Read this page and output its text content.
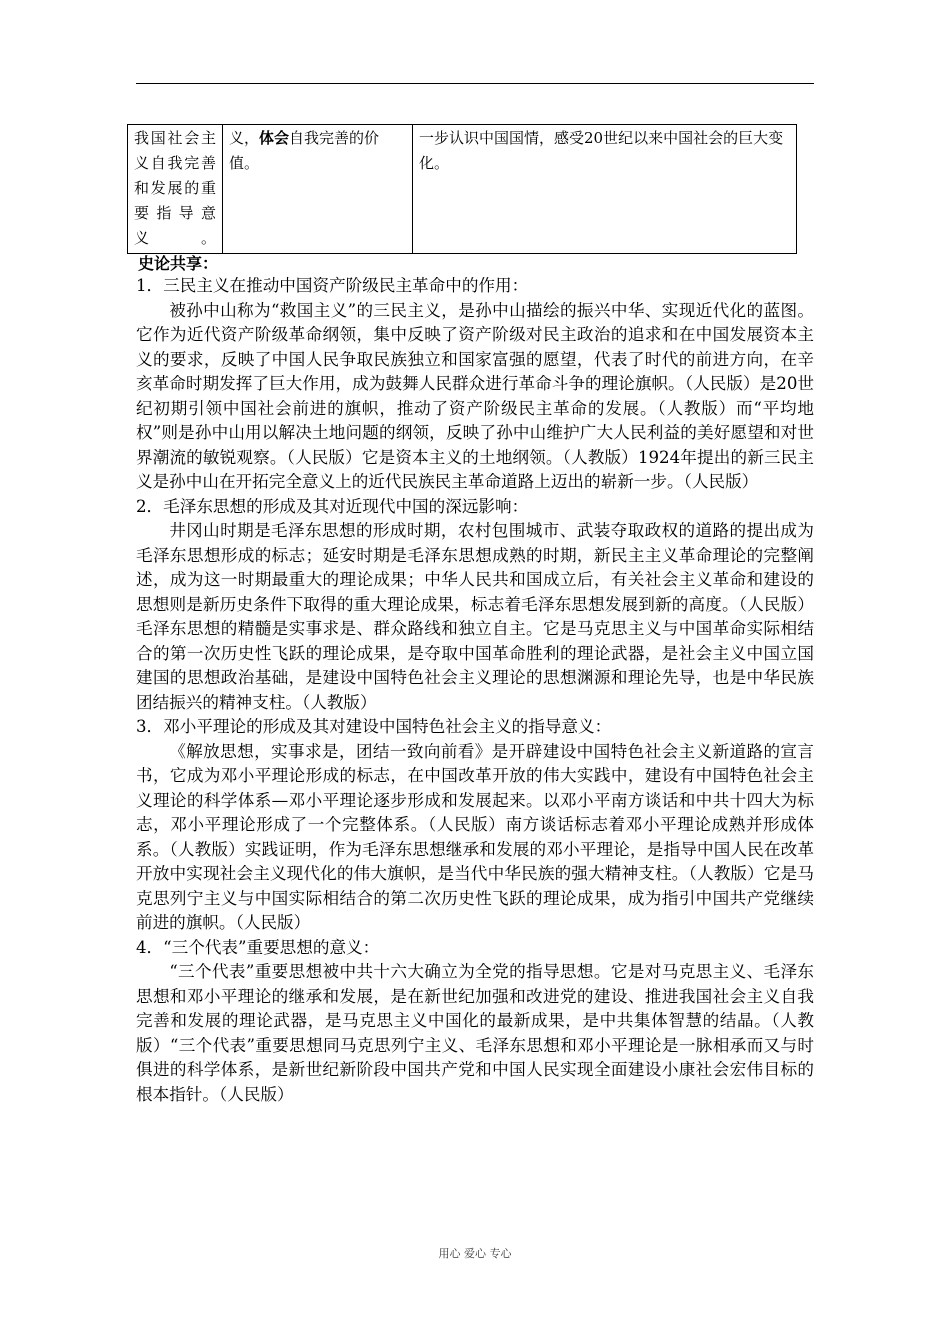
我国社会主义自我完善和发展的重要指导意义。	义，体会自我完善的价值。	一步认识中国国情，感受20世纪以来中国社会的巨大变化。
史论共享：

1．三民主义在推动中国资产阶级民主革命中的作用：

被孙中山称为“救国主义”的三民主义，是孙中山描绘的振兴中华、实现近代化的蓝图。它作为近代资产阶级革命纲领，集中反映了资产阶级对民主政治的追求和在中国发展资本主义的要求，反映了中国人民争取民族独立和国家富强的愿望，代表了时代的前进方向，在辛亥革命时期发挥了巨大作用，成为鼓舞人民群众进行革命斗争的理论旗帜。（人民版）是20世纪初期引领中国社会前进的旗帜，推动了资产阶级民主革命的发展。（人教版）而“平均地权”则是孙中山用以解决土地问题的纲领，反映了孙中山维护广大人民利益的美好愿望和对世界潮流的敏锐观察。（人民版）它是资本主义的土地纲领。（人教版）1924年提出的新三民主义是孙中山在开拓完全意义上的近代民族民主革命道路上迈出的崭新一步。（人民版）

2．毛泽东思想的形成及其对近现代中国的深远影响：

井冈山时期是毛泽东思想的形成时期，农村包围城市、武装夺取政权的道路的提出成为毛泽东思想形成的标志；延安时期是毛泽东思想成熟的时期，新民主主义革命理论的完整阐述，成为这一时期最重大的理论成果；中华人民共和国成立后，有关社会主义革命和建设的思想则是新历史条件下取得的重大理论成果，标志着毛泽东思想发展到新的高度。（人民版）毛泽东思想的精髓是实事求是、群众路线和独立自主。它是马克思主义与中国革命实际相结合的第一次历史性飞跃的理论成果，是夺取中国革命胜利的理论武器，是社会主义中国立国建国的思想政治基础，是建设中国特色社会主义理论的思想渊源和理论先导，也是中华民族团结振兴的精神支柱。（人教版）

3．邓小平理论的形成及其对建设中国特色社会主义的指导意义：

《解放思想，实事求是，团结一致向前看》是开辟建设中国特色社会主义新道路的宣言书，它成为邓小平理论形成的标志，在中国改革开放的伟大实践中，建设有中国特色社会主义理论的科学体系—邓小平理论逐步形成和发展起来。以邓小平南方谈话和中共十四大为标志，邓小平理论形成了一个完整体系。（人民版）南方谈话标志着邓小平理论成熟并形成体系。（人教版）实践证明，作为毛泽东思想继承和发展的邓小平理论，是指导中国人民在改革开放中实现社会主义现代化的伟大旗帜，是当代中华民族的强大精神支柱。（人教版）它是马克思列宁主义与中国实际相结合的第二次历史性飞跃的理论成果，成为指引中国共产党继续前进的旗帜。（人民版）

4．“三个代表”重要思想的意义：

“三个代表”重要思想被中共十六大确立为全党的指导思想。它是对马克思主义、毛泽东思想和邓小平理论的继承和发展，是在新世纪加强和改进党的建设、推进我国社会主义自我完善和发展的理论武器，是马克思主义中国化的最新成果，是中共集体智慧的结晶。（人教版）“三个代表”重要思想同马克思列宁主义、毛泽东思想和邓小平理论是一脉相承而又与时俱进的科学体系，是新世纪新阶段中国共产党和中国人民实现全面建设小康社会宏伟目标的根本指针。（人民版）

用心 爱心 专心
